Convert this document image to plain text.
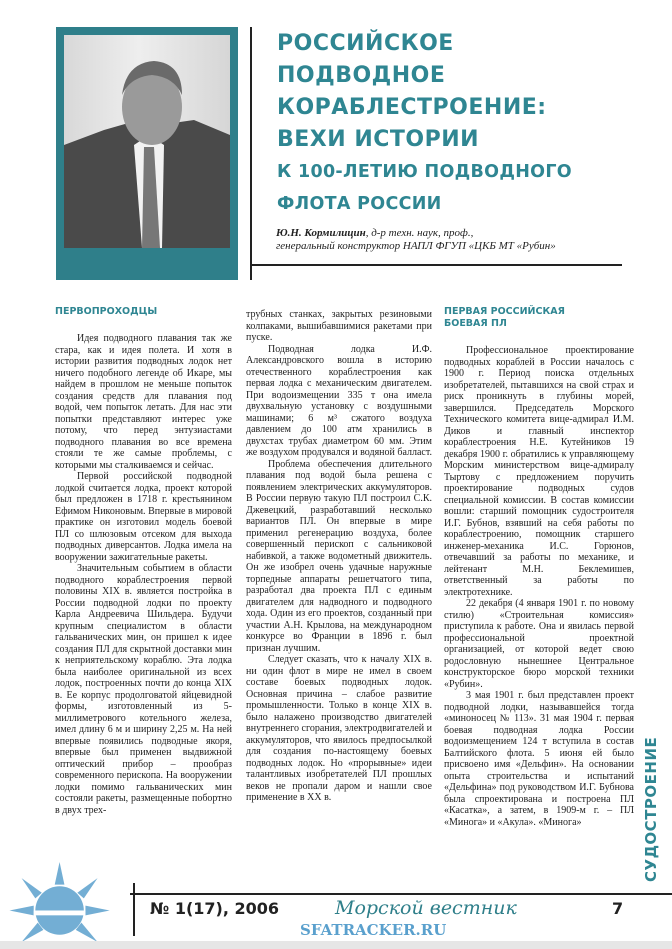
РОССИЙСКОЕ
ПОДВОДНОЕ
КОРАБЛЕСТРОЕНИЕ:
ВЕХИ ИСТОРИИ
К 100-ЛЕТИЮ ПОДВОДНОГО
ФЛОТА РОССИИ
Ю.Н. Кормилицин, д-р техн. наук, проф.,
генеральный конструктор НАПЛ ФГУП «ЦКБ МТ «Рубин»
ПЕРВОПРОХОДЦЫ

Идея подводного плавания так же стара, как и идея полета. И хотя в истории развития подводных лодок нет ничего подобного легенде об Икаре, мы найдем в прошлом не меньше попыток создания средств для плавания под водой, чем попыток летать. Для нас эти попытки представляют интерес уже потому, что перед энтузиастами подводного плавания во все времена стояли те же самые проблемы, с которыми мы сталкиваемся и сейчас.

Первой российской подводной лодкой считается лодка, проект которой был предложен в 1718 г. крестьянином Ефимом Никоновым. Впервые в мировой практике он изготовил модель боевой ПЛ со шлюзовым отсеком для выхода подводных диверсантов. Лодка имела на вооружении зажигательные ракеты.

Значительным событием в области подводного кораблестроения первой половины XIX в. является постройка в России подводной лодки по проекту Карла Андреевича Шильдера. Будучи крупным специалистом в области гальванических мин, он пришел к идее создания ПЛ для скрытной доставки мин к неприятельскому кораблю. Эта лодка была наиболее оригинальной из всех лодок, построенных почти до конца XIX в. Ее корпус продолговатой яйцевидной формы, изготовленный из 5-миллиметрового котельного железа, имел длину 6 м и ширину 2,25 м. На ней впервые появились подводные якоря, впервые был применен выдвижной оптический прибор – прообраз современного перископа. На вооружении лодки помимо гальванических мин состояли ракеты, размещенные побортно в двух трех-

трубных станках, закрытых резиновыми колпаками, вышибавшимися ракетами при пуске.

Подводная лодка И.Ф. Александровского вошла в историю отечественного кораблестроения как первая лодка с механическим двигателем. При водоизмещении 335 т она имела двухвальную установку с воздушными машинами; 6 м³ сжатого воздуха давлением до 100 атм хранились в двухстах трубах диаметром 60 мм. Этим же воздухом продувался и водяной балласт.

Проблема обеспечения длительного плавания под водой была решена с появлением электрических аккумуляторов. В России первую такую ПЛ построил С.К. Джевецкий, разработавший несколько вариантов ПЛ. Он впервые в мире применил регенерацию воздуха, более совершенный перископ с сальниковой набивкой, а также водометный движитель. Он же изобрел очень удачные наружные торпедные аппараты решетчатого типа, разработал два проекта ПЛ с единым двигателем для надводного и подводного хода. Один из его проектов, созданный при участии А.Н. Крылова, на международном конкурсе во Франции в 1896 г. был признан лучшим.

Следует сказать, что к началу XIX в. ни один флот в мире не имел в своем составе боевых подводных лодок. Основная причина – слабое развитие промышленности. Только в конце XIX в. было налажено производство двигателей внутреннего сгорания, электродвигателей и аккумуляторов, что явилось предпосылкой для создания по-настоящему боевых подводных лодок. Но «прорывные» идеи талантливых изобретателей ПЛ прошлых веков не пропали даром и нашли свое применение в XX в.

ПЕРВАЯ РОССИЙСКАЯ БОЕВАЯ ПЛ

Профессиональное проектирование подводных кораблей в России началось с 1900 г. Период поиска отдельных изобретателей, пытавшихся на свой страх и риск проникнуть в глубины морей, завершился. Председатель Морского Технического комитета вице-адмирал И.М. Диков и главный инспектор кораблестроения Н.Е. Кутейников 19 декабря 1900 г. обратились к управляющему Морским министерством вице-адмиралу Тыртову с предложением поручить проектирование подводных судов специальной комиссии. В состав комиссии вошли: старший помощник судостроителя И.Г. Бубнов, взявший на себя работы по кораблестроению, помощник старшего инженер-механика И.С. Горюнов, отвечавший за работы по механике, и лейтенант М.Н. Беклемишев, ответственный за работы по электротехнике.

22 декабря (4 января 1901 г. по новому стилю) «Строительная комиссия» приступила к работе. Она и явилась первой профессиональной проектной организацией, от которой ведет свою родословную нынешнее Центральное конструкторское бюро морской техники «Рубин».

3 мая 1901 г. был представлен проект подводной лодки, называвшейся тогда «миноносец № 113». 31 мая 1904 г. первая боевая подводная лодка России водоизмещением 124 т вступила в состав Балтийского флота. 5 июня ей было присвоено имя «Дельфин». На основании опыта строительства и испытаний «Дельфина» под руководством И.Г. Бубнова была спроектирована и построена ПЛ «Касатка», а затем, в 1909-м г. – ПЛ «Минога» и «Акула». «Минога»	СУДОСТРОЕНИЕ
№ 1(17), 2006	Морской вестник	7
SFATRACKER.RU
